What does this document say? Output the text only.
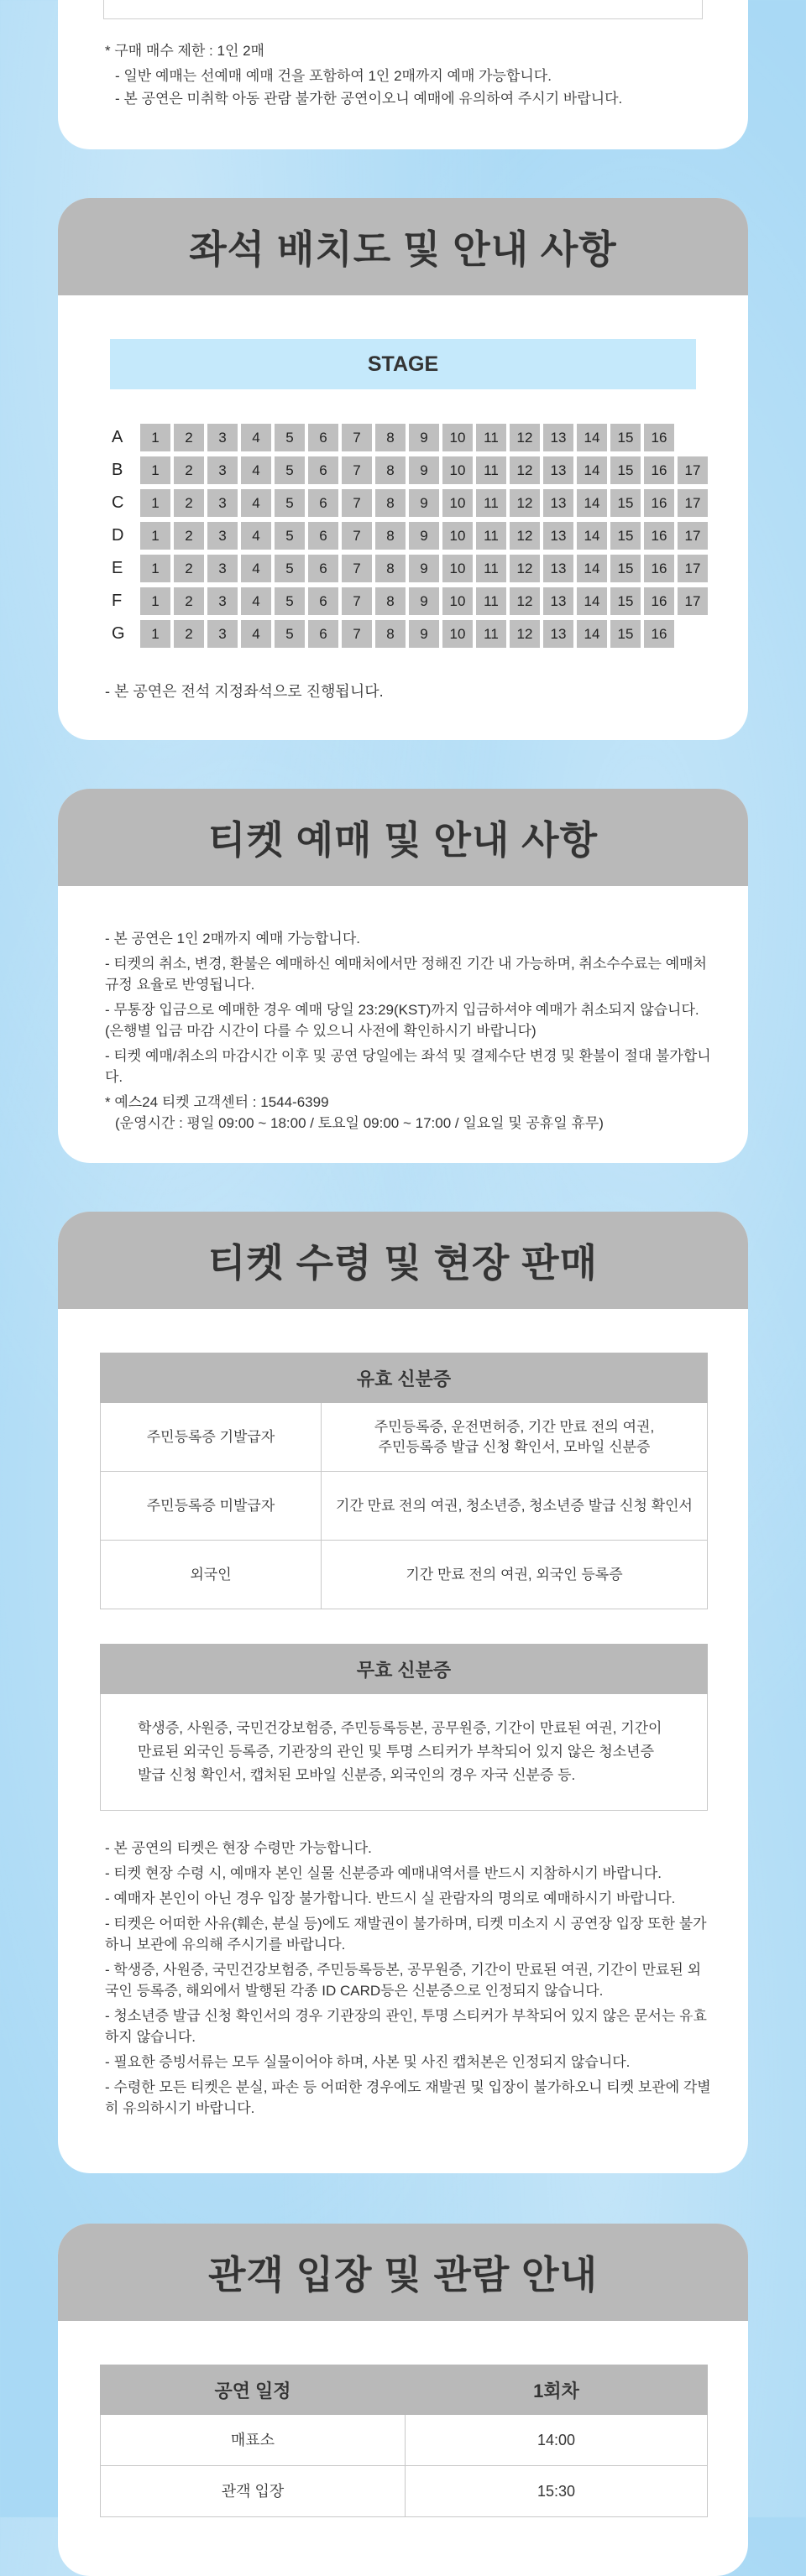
* 구매 매수 제한 : 1인 2매
- 일반 예매는 선예매 예매 건을 포함하여 1인 2매까지 예매 가능합니다.
- 본 공연은 미취학 아동 관람 불가한 공연이오니 예매에 유의하여 주시기 바랍니다.
좌석 배치도 및 안내 사항
STAGE
A	1	2	3	4	5	6	7	8	9	10	11	12	13	14	15	16
B	1	2	3	4	5	6	7	8	9	10	11	12	13	14	15	16	17
C	1	2	3	4	5	6	7	8	9	10	11	12	13	14	15	16	17
D	1	2	3	4	5	6	7	8	9	10	11	12	13	14	15	16	17
E	1	2	3	4	5	6	7	8	9	10	11	12	13	14	15	16	17
F	1	2	3	4	5	6	7	8	9	10	11	12	13	14	15	16	17
G	1	2	3	4	5	6	7	8	9	10	11	12	13	14	15	16
- 본 공연은 전석 지정좌석으로 진행됩니다.
티켓 예매 및 안내 사항
- 본 공연은 1인 2매까지 예매 가능합니다.
- 티켓의 취소, 변경, 환불은 예매하신 예매처에서만 정해진 기간 내 가능하며, 취소수수료는 예매처 규정 요율로 반영됩니다.
- 무통장 입금으로 예매한 경우 예매 당일 23:29(KST)까지 입금하셔야 예매가 취소되지 않습니다. (은행별 입금 마감 시간이 다를 수 있으니 사전에 확인하시기 바랍니다)
- 티켓 예매/취소의 마감시간 이후 및 공연 당일에는 좌석 및 결제수단 변경 및 환불이 절대 불가합니다.
* 예스24 티켓 고객센터 : 1544-6399
(운영시간 : 평일 09:00 ~ 18:00 / 토요일 09:00 ~ 17:00 / 일요일 및 공휴일 휴무)
티켓 수령 및 현장 판매
유효 신분증	
주민등록증 기발급자	주민등록증, 운전면허증, 기간 만료 전의 여권,
주민등록증 발급 신청 확인서, 모바일 신분증

주민등록증 미발급자	기간 만료 전의 여권, 청소년증, 청소년증 발급 신청 확인서
외국인	기간 만료 전의 여권, 외국인 등록증
무효 신분증
학생증, 사원증, 국민건강보험증, 주민등록등본, 공무원증, 기간이 만료된 여권, 기간이 만료된 외국인 등록증, 기관장의 관인 및 투명 스티커가 부착되어 있지 않은 청소년증 발급 신청 확인서, 캡처된 모바일 신분증, 외국인의 경우 자국 신분증 등.
- 본 공연의 티켓은 현장 수령만 가능합니다.
- 티켓 현장 수령 시, 예매자 본인 실물 신분증과 예매내역서를 반드시 지참하시기 바랍니다.
- 예매자 본인이 아닌 경우 입장 불가합니다. 반드시 실 관람자의 명의로 예매하시기 바랍니다.
- 티켓은 어떠한 사유(훼손, 분실 등)에도 재발권이 불가하며, 티켓 미소지 시 공연장 입장 또한 불가하니 보관에 유의해 주시기를 바랍니다.
- 학생증, 사원증, 국민건강보험증, 주민등록등본, 공무원증, 기간이 만료된 여권, 기간이 만료된 외국인 등록증, 해외에서 발행된 각종 ID CARD등은 신분증으로 인정되지 않습니다.
- 청소년증 발급 신청 확인서의 경우 기관장의 관인, 투명 스티커가 부착되어 있지 않은 문서는 유효하지 않습니다.
- 필요한 증빙서류는 모두 실물이어야 하며, 사본 및 사진 캡처본은 인정되지 않습니다.
- 수령한 모든 티켓은 분실, 파손 등 어떠한 경우에도 재발권 및 입장이 불가하오니 티켓 보관에 각별히 유의하시기 바랍니다.
관객 입장 및 관람 안내
공연 일정	1회차
매표소	14:00
관객 입장	15:30
